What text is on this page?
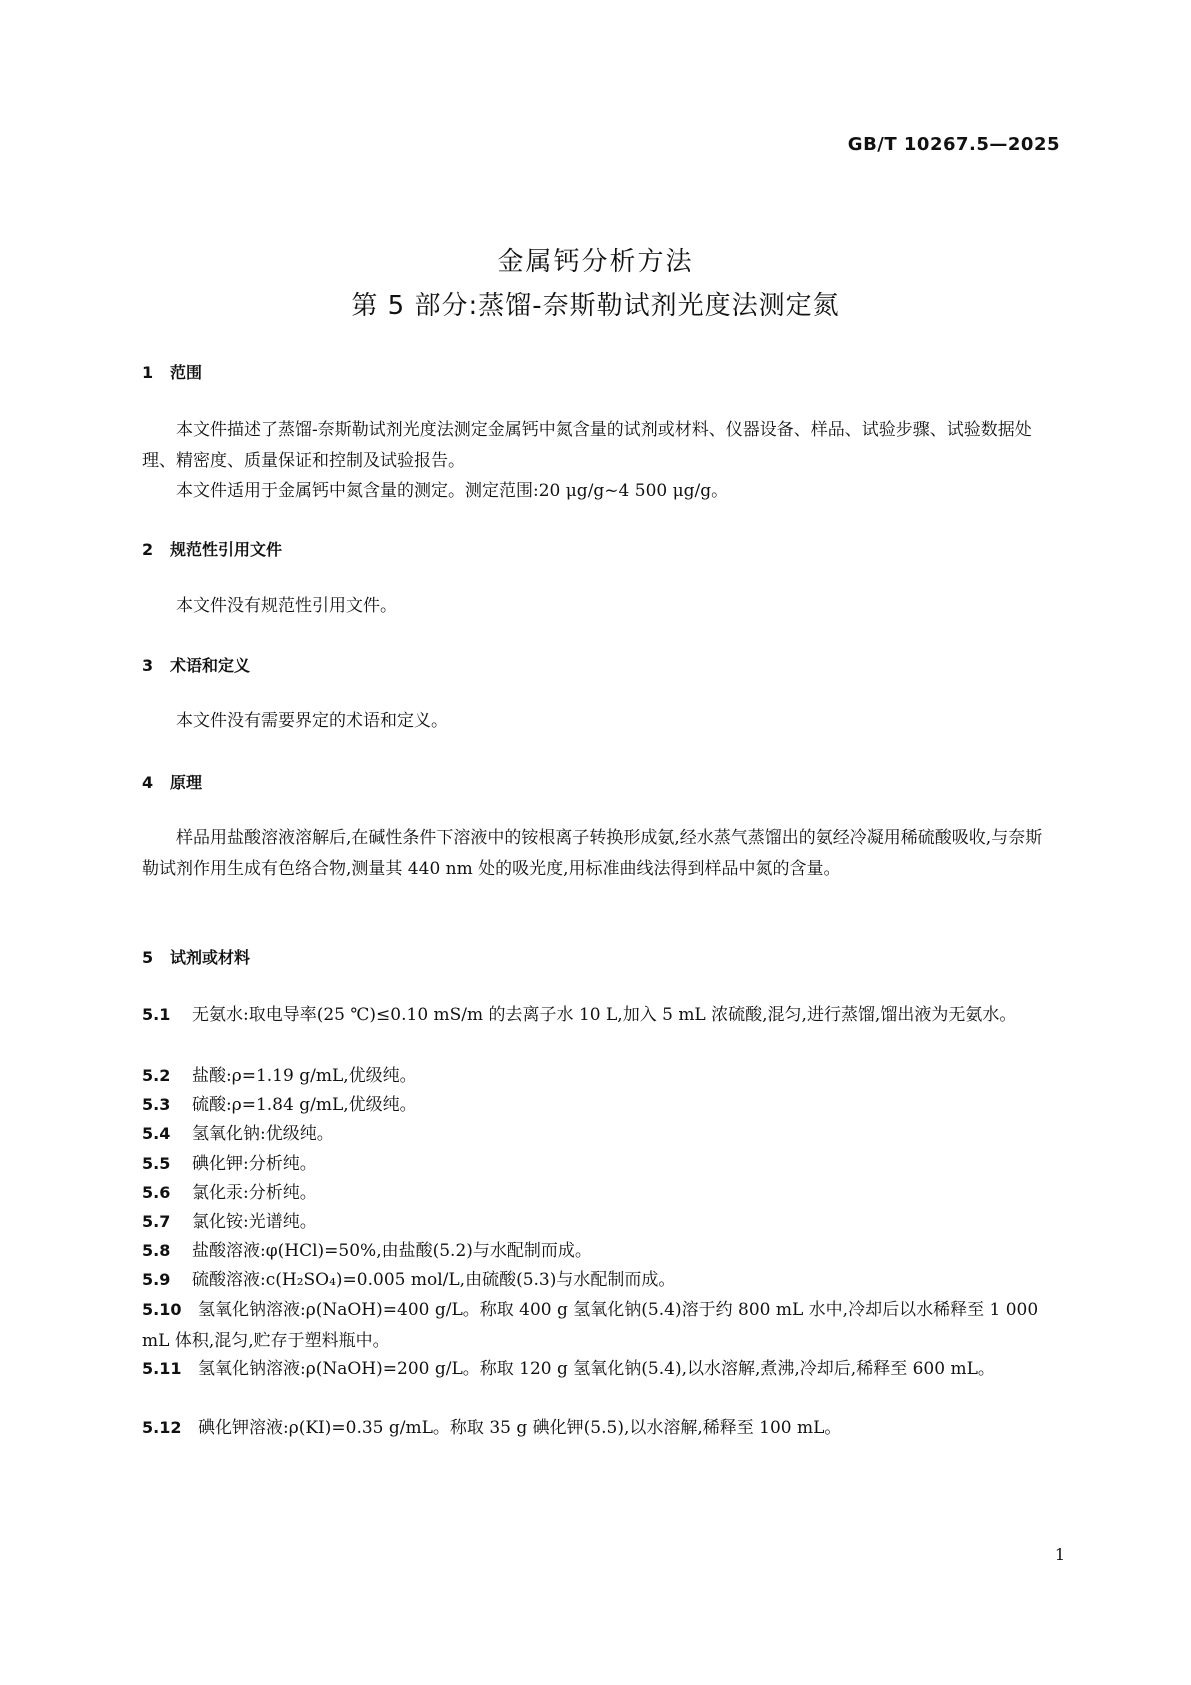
GB/T 10267.5—2025
金属钙分析方法
第 5 部分:蒸馏-奈斯勒试剂光度法测定氮
1 范围
本文件描述了蒸馏-奈斯勒试剂光度法测定金属钙中氮含量的试剂或材料、仪器设备、样品、试验步骤、试验数据处理、精密度、质量保证和控制及试验报告。
本文件适用于金属钙中氮含量的测定。测定范围:20 μg/g~4 500 μg/g。
2 规范性引用文件
本文件没有规范性引用文件。
3 术语和定义
本文件没有需要界定的术语和定义。
4 原理
样品用盐酸溶液溶解后,在碱性条件下溶液中的铵根离子转换形成氨,经水蒸气蒸馏出的氨经冷凝用稀硫酸吸收,与奈斯勒试剂作用生成有色络合物,测量其 440 nm 处的吸光度,用标准曲线法得到样品中氮的含量。
5 试剂或材料
5.1 无氨水:取电导率(25 ℃)≤0.10 mS/m 的去离子水 10 L,加入 5 mL 浓硫酸,混匀,进行蒸馏,馏出液为无氨水。
5.2 盐酸:ρ=1.19 g/mL,优级纯。
5.3 硫酸:ρ=1.84 g/mL,优级纯。
5.4 氢氧化钠:优级纯。
5.5 碘化钾:分析纯。
5.6 氯化汞:分析纯。
5.7 氯化铵:光谱纯。
5.8 盐酸溶液:φ(HCl)=50%,由盐酸(5.2)与水配制而成。
5.9 硫酸溶液:c(H₂SO₄)=0.005 mol/L,由硫酸(5.3)与水配制而成。
5.10 氢氧化钠溶液:ρ(NaOH)=400 g/L。称取 400 g 氢氧化钠(5.4)溶于约 800 mL 水中,冷却后以水稀释至 1 000 mL 体积,混匀,贮存于塑料瓶中。
5.11 氢氧化钠溶液:ρ(NaOH)=200 g/L。称取 120 g 氢氧化钠(5.4),以水溶解,煮沸,冷却后,稀释至 600 mL。
5.12 碘化钾溶液:ρ(KI)=0.35 g/mL。称取 35 g 碘化钾(5.5),以水溶解,稀释至 100 mL。
1
